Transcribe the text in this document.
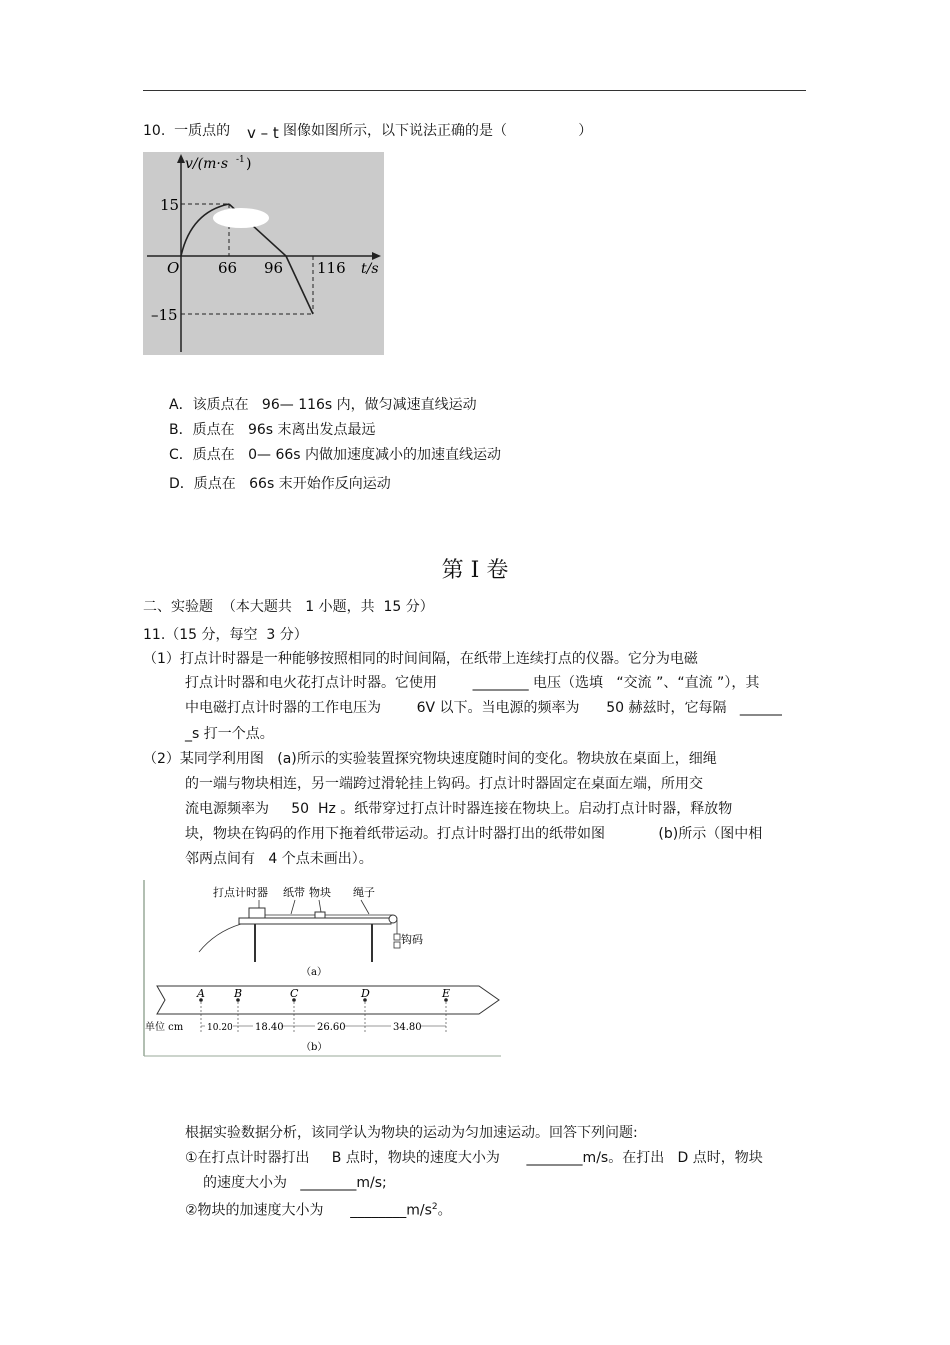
10.  一质点的 v – t 图像如图所示，以下说法正确的是（                ）
v/(m·s -1 )
t/s
O
15
–15
66 96 116
A．该质点在   96— 116s 内，做匀减速直线运动
B．质点在   96s 末离出发点最远
C．质点在   0— 66s 内做加速度减小的加速直线运动
D．质点在   66s 末开始作反向运动
第 I 卷
二、实验题  （本大题共   1 小题，共  15 分）
11.（15 分，每空  3 分）
（1）打点计时器是一种能够按照相同的时间间隔，在纸带上连续打点的仪器。它分为电磁
打点计时器和电火花打点计时器。它使用        ________ 电压（选填   “交流 ”、“直流 ”），其
中电磁打点计时器的工作电压为        6V 以下。当电源的频率为      50 赫兹时，它每隔   ______
_s 打一个点。
（2）某同学利用图   (a)所示的实验装置探究物块速度随时间的变化。物块放在桌面上，细绳
的一端与物块相连，另一端跨过滑轮挂上钩码。打点计时器固定在桌面左端，所用交
流电源频率为     50  Hz 。纸带穿过打点计时器连接在物块上。启动打点计时器，释放物
块，物块在钩码的作用下拖着纸带运动。打点计时器打出的纸带如图            (b)所示（图中相
邻两点间有   4 个点未画出）。
打点计时器 纸带 物块 绳子
钩码
（a）
A	B	C	D	E
单位 cm	10.20 18.40	26.60	34.80
（b）
根据实验数据分析，该同学认为物块的运动为匀加速运动。回答下列问题:
①在打点计时器打出     B 点时，物块的速度大小为      ________m/s。在打出   D 点时，物块
的速度大小为   ________m/s;
②物块的加速度大小为      $\_\_\_\_\_\_\_\_m/s^2$。
